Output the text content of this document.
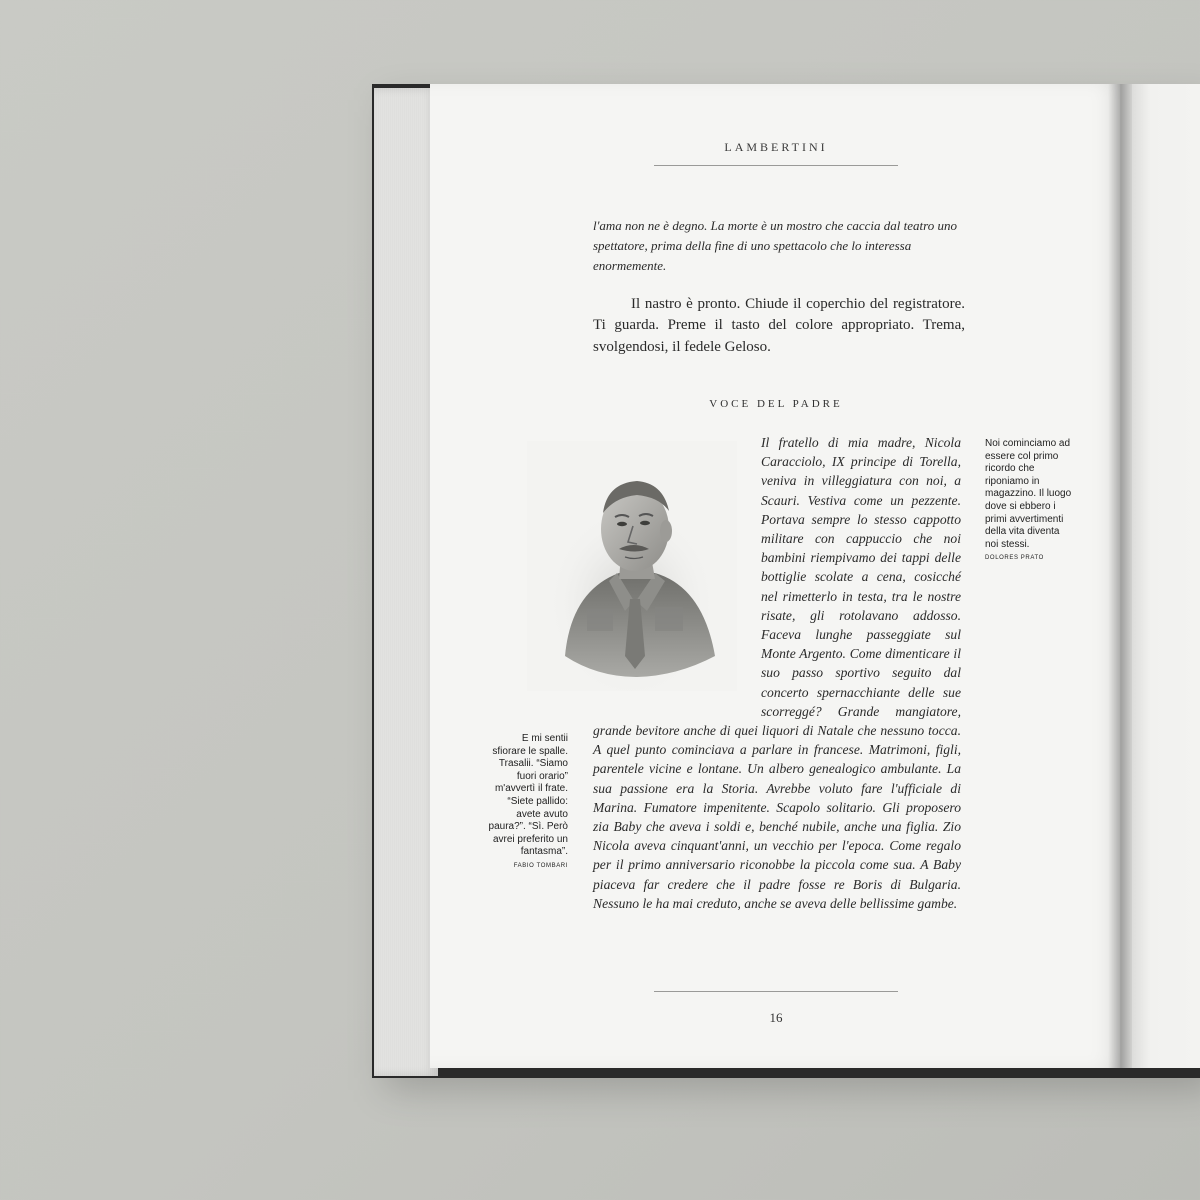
LAMBERTINI

l'ama non ne è degno. La morte è un mostro che caccia dal teatro uno spettatore, prima della fine di uno spettacolo che lo interessa enormemente.

Il nastro è pronto. Chiude il coperchio del registratore. Ti guarda. Preme il tasto del colore appropriato. Trema, svolgendosi, il fedele Geloso.

VOCE DEL PADRE
Il fratello di mia madre, Nicola Caracciolo, IX principe di Torella, veniva in villeggiatura con noi, a Scauri. Vestiva come un pezzente. Portava sempre lo stesso cappotto militare con cappuccio che noi bambini riempivamo dei tappi delle bottiglie scolate a cena, cosicché nel rimetterlo in testa, tra le nostre risate, gli rotolavano addosso. Faceva lunghe passeggiate sul Monte Argento. Come dimenticare il suo passo sportivo seguito dal concerto spernacchiante delle sue scorreggé? Grande mangiatore, grande bevitore anche di quei liquori di Natale che nessuno tocca. A quel punto cominciava a parlare in francese. Matrimoni, figli, parentele vicine e lontane. Un albero genealogico ambulante. La sua passione era la Storia. Avrebbe voluto fare l'ufficiale di Marina. Fumatore impenitente. Scapolo solitario. Gli proposero zia Baby che aveva i soldi e, benché nubile, anche una figlia. Zio Nicola aveva cinquant'anni, un vecchio per l'epoca. Come regalo per il primo anniversario riconobbe la piccola come sua. A Baby piaceva far credere che il padre fosse re Boris di Bulgaria. Nessuno le ha mai creduto, anche se aveva delle bellissime gambe.

Noi cominciamo ad essere col primo ricordo che riponiamo in magazzino. Il luogo dove si ebbero i primi avvertimenti della vita diventa noi stessi.
DOLORES PRATO

E mi sentii sfiorare le spalle. Trasalii. “Siamo fuori orario” m'avvertì il frate. “Siete pallido: avete avuto paura?”. “Sì. Però avrei preferito un fantasma”.
FABIO TOMBARI

16
